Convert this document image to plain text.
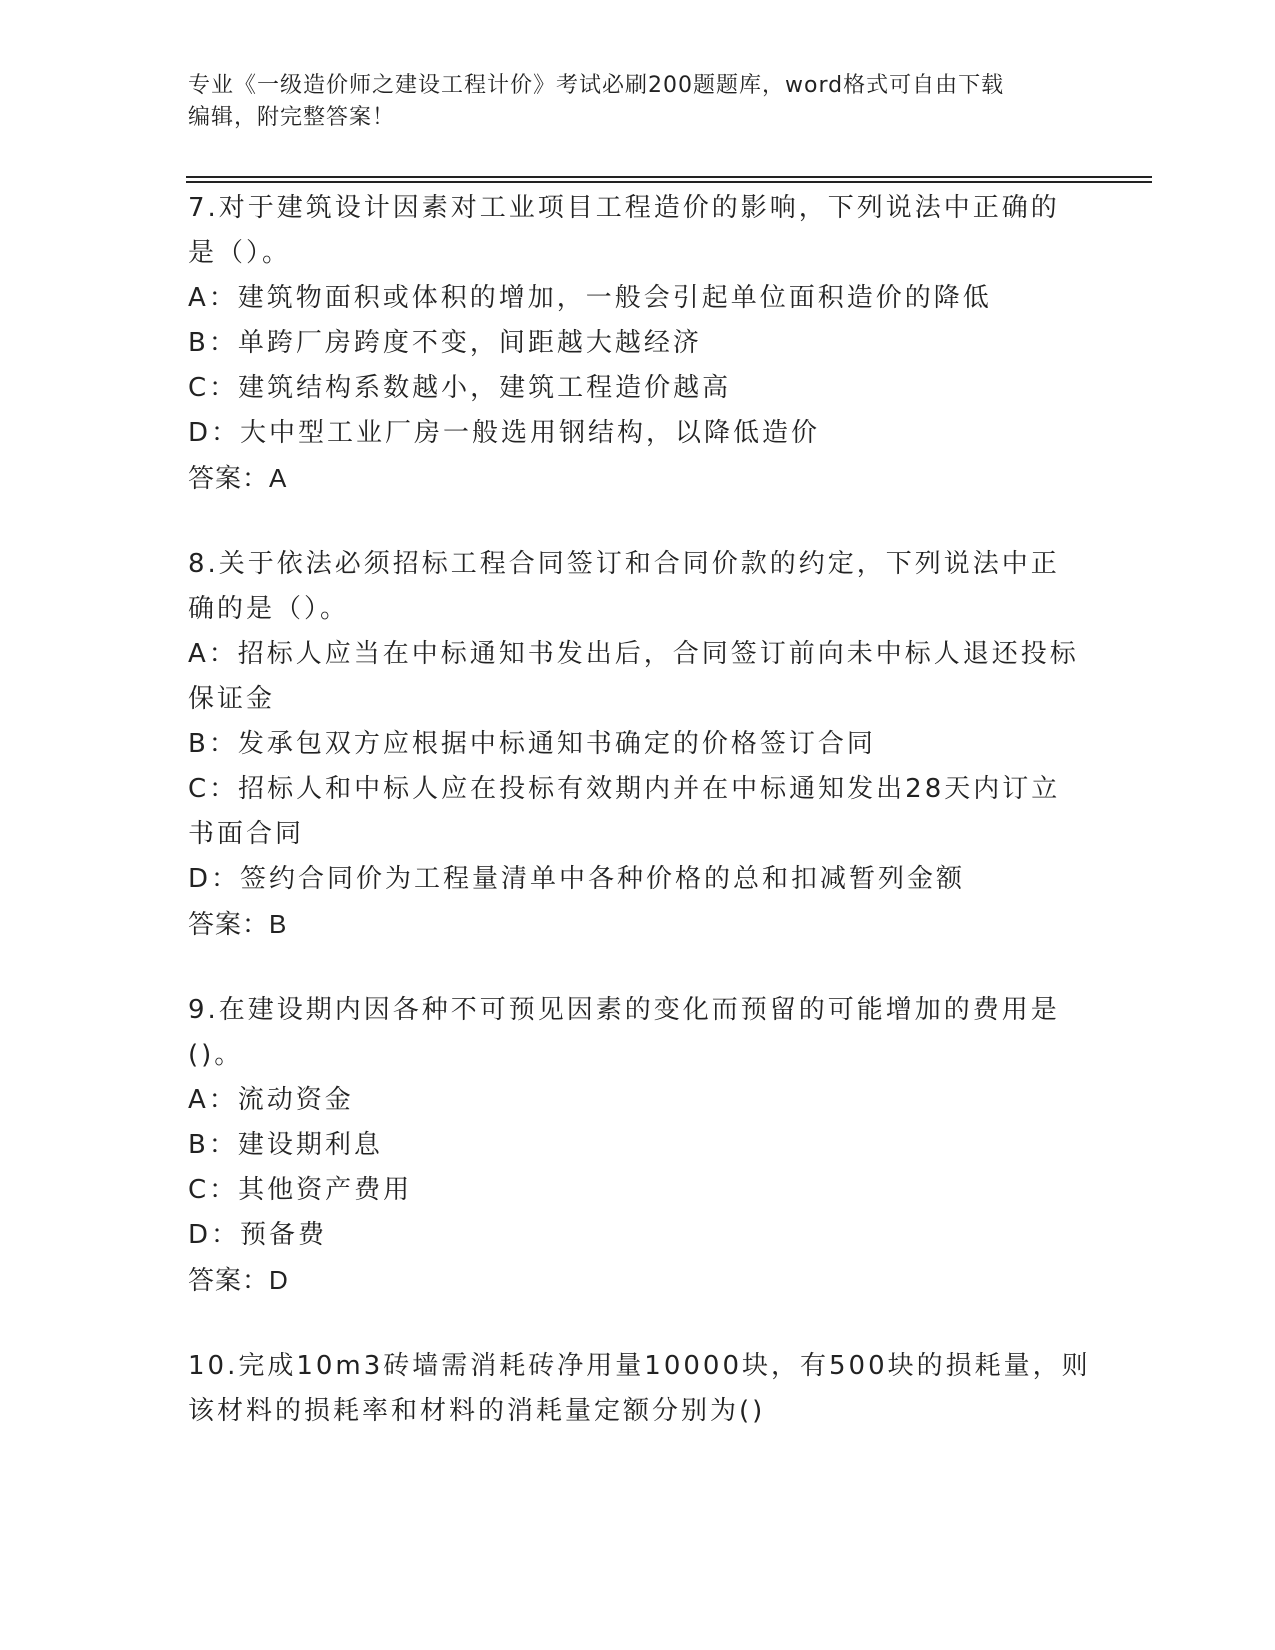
专业《一级造价师之建设工程计价》考试必刷200题题库，word格式可自由下载
编辑，附完整答案！
7.对于建筑设计因素对工业项目工程造价的影响，下列说法中正确的
是（）。
A：建筑物面积或体积的增加，一般会引起单位面积造价的降低
B：单跨厂房跨度不变，间距越大越经济
C：建筑结构系数越小，建筑工程造价越高
D：大中型工业厂房一般选用钢结构，以降低造价
答案：A
8.关于依法必须招标工程合同签订和合同价款的约定，下列说法中正
确的是（）。
A：招标人应当在中标通知书发出后，合同签订前向未中标人退还投标
保证金
B：发承包双方应根据中标通知书确定的价格签订合同
C：招标人和中标人应在投标有效期内并在中标通知发出28天内订立
书面合同
D：签约合同价为工程量清单中各种价格的总和扣减暂列金额
答案：B
9.在建设期内因各种不可预见因素的变化而预留的可能增加的费用是
()。
A：流动资金
B：建设期利息
C：其他资产费用
D：预备费
答案：D
10.完成10m3砖墙需消耗砖净用量10000块，有500块的损耗量，则
该材料的损耗率和材料的消耗量定额分别为()
